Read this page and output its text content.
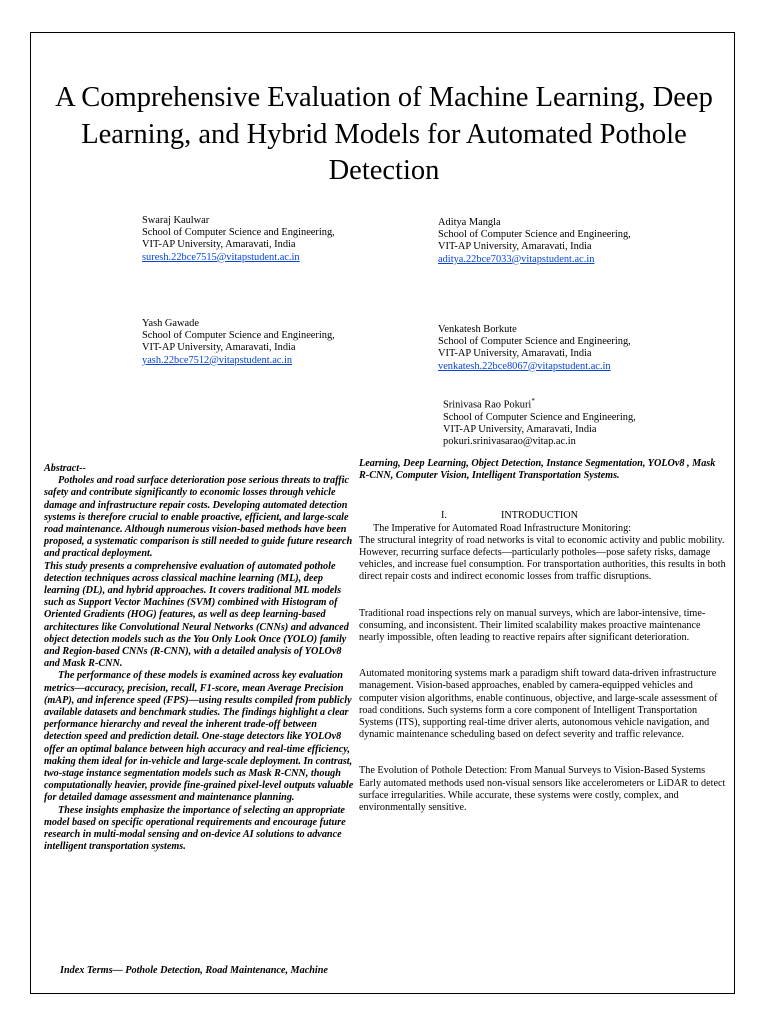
A Comprehensive Evaluation of Machine Learning, Deep Learning, and Hybrid Models for Automated Pothole Detection
Swaraj Kaulwar
School of Computer Science and Engineering,
VIT-AP University, Amaravati, India
suresh.22bce7515@vitapstudent.ac.in
Aditya Mangla
School of Computer Science and Engineering,
VIT-AP University, Amaravati, India
aditya.22bce7033@vitapstudent.ac.in
Yash Gawade
School of Computer Science and Engineering,
VIT-AP University, Amaravati, India
yash.22bce7512@vitapstudent.ac.in
Venkatesh Borkute
School of Computer Science and Engineering,
VIT-AP University, Amaravati, India
venkatesh.22bce8067@vitapstudent.ac.in
Srinivasa Rao Pokuri*
School of Computer Science and Engineering,
VIT-AP University, Amaravati, India
pokuri.srinivasarao@vitap.ac.in

Abstract--

Potholes and road surface deterioration pose serious threats to traffic safety and contribute significantly to economic losses through vehicle damage and infrastructure repair costs. Developing automated detection systems is therefore crucial to enable proactive, efficient, and large-scale road maintenance. Although numerous vision-based methods have been proposed, a systematic comparison is still needed to guide future research and practical deployment.

This study presents a comprehensive evaluation of automated pothole detection techniques across classical machine learning (ML), deep learning (DL), and hybrid approaches. It covers traditional ML models such as Support Vector Machines (SVM) combined with Histogram of Oriented Gradients (HOG) features, as well as deep learning-based architectures like Convolutional Neural Networks (CNNs) and advanced object detection models such as the You Only Look Once (YOLO) family and Region-based CNNs (R-CNN), with a detailed analysis of YOLOv8 and Mask R-CNN.

The performance of these models is examined across key evaluation metrics—accuracy, precision, recall, F1-score, mean Average Precision (mAP), and inference speed (FPS)—using results compiled from publicly available datasets and benchmark studies. The findings highlight a clear performance hierarchy and reveal the inherent trade-off between detection speed and prediction detail. One-stage detectors like YOLOv8 offer an optimal balance between high accuracy and real-time efficiency, making them ideal for in-vehicle and large-scale deployment. In contrast, two-stage instance segmentation models such as Mask R-CNN, though computationally heavier, provide fine-grained pixel-level outputs valuable for detailed damage assessment and maintenance planning.

These insights emphasize the importance of selecting an appropriate model based on specific operational requirements and encourage future research in multi-modal sensing and on-device AI solutions to advance intelligent transportation systems.

Index Terms— Pothole Detection, Road Maintenance, Machine

Learning, Deep Learning, Object Detection, Instance Segmentation, YOLOv8 , Mask R-CNN, Computer Vision, Intelligent Transportation Systems.

I.	INTRODUCTION

The Imperative for Automated Road Infrastructure Monitoring:

The structural integrity of road networks is vital to economic activity and public mobility. However, recurring surface defects—particularly potholes—pose safety risks, damage vehicles, and increase fuel consumption. For transportation authorities, this results in both direct repair costs and indirect economic losses from traffic disruptions.

Traditional road inspections rely on manual surveys, which are labor-intensive, time-consuming, and inconsistent. Their limited scalability makes proactive maintenance nearly impossible, often leading to reactive repairs after significant deterioration.

Automated monitoring systems mark a paradigm shift toward data-driven infrastructure management. Vision-based approaches, enabled by camera-equipped vehicles and computer vision algorithms, enable continuous, objective, and large-scale assessment of road conditions. Such systems form a core component of Intelligent Transportation Systems (ITS), supporting real-time driver alerts, autonomous vehicle navigation, and dynamic maintenance scheduling based on defect severity and traffic relevance.

The Evolution of Pothole Detection: From Manual Surveys to Vision-Based Systems

Early automated methods used non-visual sensors like accelerometers or LiDAR to detect surface irregularities. While accurate, these systems were costly, complex, and environmentally sensitive.
